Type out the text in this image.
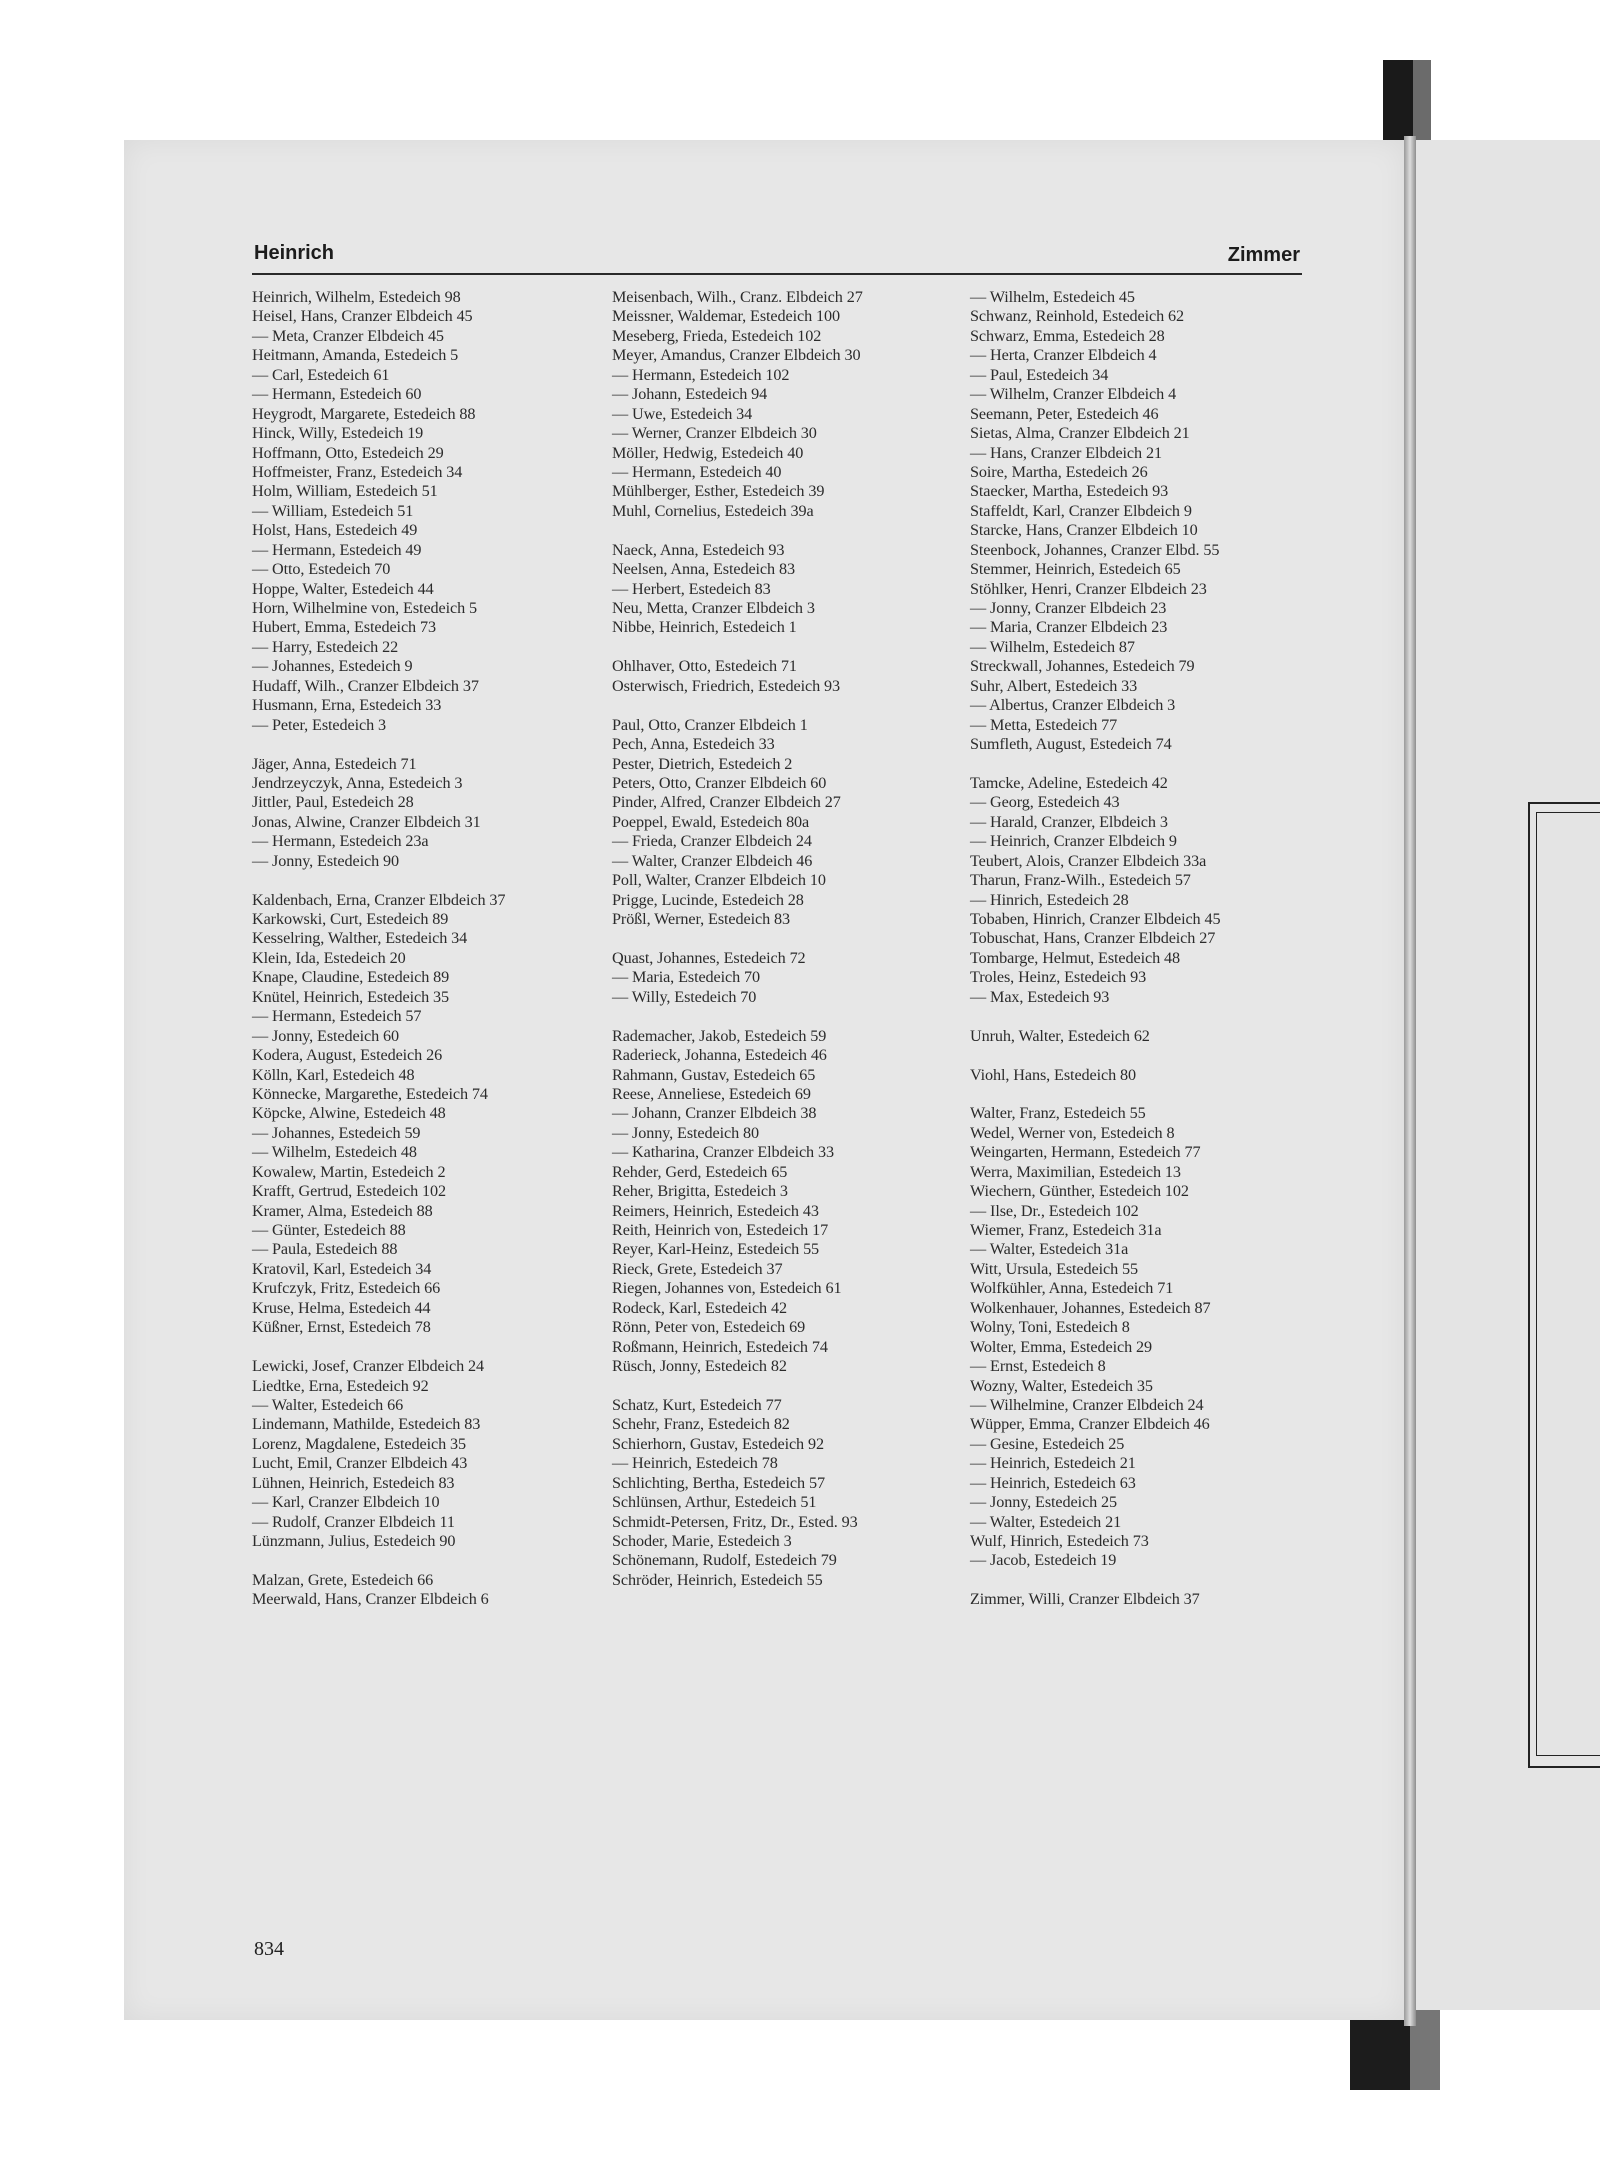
Heinrich	Zimmer
Heinrich, Wilhelm, Estedeich 98
Heisel, Hans, Cranzer Elbdeich 45
— Meta, Cranzer Elbdeich 45
Heitmann, Amanda, Estedeich 5
— Carl, Estedeich 61
— Hermann, Estedeich 60
Heygrodt, Margarete, Estedeich 88
Hinck, Willy, Estedeich 19
Hoffmann, Otto, Estedeich 29
Hoffmeister, Franz, Estedeich 34
Holm, William, Estedeich 51
— William, Estedeich 51
Holst, Hans, Estedeich 49
— Hermann, Estedeich 49
— Otto, Estedeich 70
Hoppe, Walter, Estedeich 44
Horn, Wilhelmine von, Estedeich 5
Hubert, Emma, Estedeich 73
— Harry, Estedeich 22
— Johannes, Estedeich 9
Hudaff, Wilh., Cranzer Elbdeich 37
Husmann, Erna, Estedeich 33
— Peter, Estedeich 3
Jäger, Anna, Estedeich 71
Jendrzeyczyk, Anna, Estedeich 3
Jittler, Paul, Estedeich 28
Jonas, Alwine, Cranzer Elbdeich 31
— Hermann, Estedeich 23a
— Jonny, Estedeich 90
Kaldenbach, Erna, Cranzer Elbdeich 37
Karkowski, Curt, Estedeich 89
Kesselring, Walther, Estedeich 34
Klein, Ida, Estedeich 20
Knape, Claudine, Estedeich 89
Knütel, Heinrich, Estedeich 35
— Hermann, Estedeich 57
— Jonny, Estedeich 60
Kodera, August, Estedeich 26
Kölln, Karl, Estedeich 48
Könnecke, Margarethe, Estedeich 74
Köpcke, Alwine, Estedeich 48
— Johannes, Estedeich 59
— Wilhelm, Estedeich 48
Kowalew, Martin, Estedeich 2
Krafft, Gertrud, Estedeich 102
Kramer, Alma, Estedeich 88
— Günter, Estedeich 88
— Paula, Estedeich 88
Kratovil, Karl, Estedeich 34
Krufczyk, Fritz, Estedeich 66
Kruse, Helma, Estedeich 44
Küßner, Ernst, Estedeich 78
Lewicki, Josef, Cranzer Elbdeich 24
Liedtke, Erna, Estedeich 92
— Walter, Estedeich 66
Lindemann, Mathilde, Estedeich 83
Lorenz, Magdalene, Estedeich 35
Lucht, Emil, Cranzer Elbdeich 43
Lühnen, Heinrich, Estedeich 83
— Karl, Cranzer Elbdeich 10
— Rudolf, Cranzer Elbdeich 11
Lünzmann, Julius, Estedeich 90
Malzan, Grete, Estedeich 66
Meerwald, Hans, Cranzer Elbdeich 6
Meisenbach, Wilh., Cranz. Elbdeich 27
Meissner, Waldemar, Estedeich 100
Meseberg, Frieda, Estedeich 102
Meyer, Amandus, Cranzer Elbdeich 30
— Hermann, Estedeich 102
— Johann, Estedeich 94
— Uwe, Estedeich 34
— Werner, Cranzer Elbdeich 30
Möller, Hedwig, Estedeich 40
— Hermann, Estedeich 40
Mühlberger, Esther, Estedeich 39
Muhl, Cornelius, Estedeich 39a
Naeck, Anna, Estedeich 93
Neelsen, Anna, Estedeich 83
— Herbert, Estedeich 83
Neu, Metta, Cranzer Elbdeich 3
Nibbe, Heinrich, Estedeich 1
Ohlhaver, Otto, Estedeich 71
Osterwisch, Friedrich, Estedeich 93
Paul, Otto, Cranzer Elbdeich 1
Pech, Anna, Estedeich 33
Pester, Dietrich, Estedeich 2
Peters, Otto, Cranzer Elbdeich 60
Pinder, Alfred, Cranzer Elbdeich 27
Poeppel, Ewald, Estedeich 80a
— Frieda, Cranzer Elbdeich 24
— Walter, Cranzer Elbdeich 46
Poll, Walter, Cranzer Elbdeich 10
Prigge, Lucinde, Estedeich 28
Prößl, Werner, Estedeich 83
Quast, Johannes, Estedeich 72
— Maria, Estedeich 70
— Willy, Estedeich 70
Rademacher, Jakob, Estedeich 59
Raderieck, Johanna, Estedeich 46
Rahmann, Gustav, Estedeich 65
Reese, Anneliese, Estedeich 69
— Johann, Cranzer Elbdeich 38
— Jonny, Estedeich 80
— Katharina, Cranzer Elbdeich 33
Rehder, Gerd, Estedeich 65
Reher, Brigitta, Estedeich 3
Reimers, Heinrich, Estedeich 43
Reith, Heinrich von, Estedeich 17
Reyer, Karl-Heinz, Estedeich 55
Rieck, Grete, Estedeich 37
Riegen, Johannes von, Estedeich 61
Rodeck, Karl, Estedeich 42
Rönn, Peter von, Estedeich 69
Roßmann, Heinrich, Estedeich 74
Rüsch, Jonny, Estedeich 82
Schatz, Kurt, Estedeich 77
Schehr, Franz, Estedeich 82
Schierhorn, Gustav, Estedeich 92
— Heinrich, Estedeich 78
Schlichting, Bertha, Estedeich 57
Schlünsen, Arthur, Estedeich 51
Schmidt-Petersen, Fritz, Dr., Ested. 93
Schoder, Marie, Estedeich 3
Schönemann, Rudolf, Estedeich 79
Schröder, Heinrich, Estedeich 55
— Wilhelm, Estedeich 45
Schwanz, Reinhold, Estedeich 62
Schwarz, Emma, Estedeich 28
— Herta, Cranzer Elbdeich 4
— Paul, Estedeich 34
— Wilhelm, Cranzer Elbdeich 4
Seemann, Peter, Estedeich 46
Sietas, Alma, Cranzer Elbdeich 21
— Hans, Cranzer Elbdeich 21
Soire, Martha, Estedeich 26
Staecker, Martha, Estedeich 93
Staffeldt, Karl, Cranzer Elbdeich 9
Starcke, Hans, Cranzer Elbdeich 10
Steenbock, Johannes, Cranzer Elbd. 55
Stemmer, Heinrich, Estedeich 65
Stöhlker, Henri, Cranzer Elbdeich 23
— Jonny, Cranzer Elbdeich 23
— Maria, Cranzer Elbdeich 23
— Wilhelm, Estedeich 87
Streckwall, Johannes, Estedeich 79
Suhr, Albert, Estedeich 33
— Albertus, Cranzer Elbdeich 3
— Metta, Estedeich 77
Sumfleth, August, Estedeich 74
Tamcke, Adeline, Estedeich 42
— Georg, Estedeich 43
— Harald, Cranzer, Elbdeich 3
— Heinrich, Cranzer Elbdeich 9
Teubert, Alois, Cranzer Elbdeich 33a
Tharun, Franz-Wilh., Estedeich 57
— Hinrich, Estedeich 28
Tobaben, Hinrich, Cranzer Elbdeich 45
Tobuschat, Hans, Cranzer Elbdeich 27
Tombarge, Helmut, Estedeich 48
Troles, Heinz, Estedeich 93
— Max, Estedeich 93
Unruh, Walter, Estedeich 62
Viohl, Hans, Estedeich 80
Walter, Franz, Estedeich 55
Wedel, Werner von, Estedeich 8
Weingarten, Hermann, Estedeich 77
Werra, Maximilian, Estedeich 13
Wiechern, Günther, Estedeich 102
— Ilse, Dr., Estedeich 102
Wiemer, Franz, Estedeich 31a
— Walter, Estedeich 31a
Witt, Ursula, Estedeich 55
Wolfkühler, Anna, Estedeich 71
Wolkenhauer, Johannes, Estedeich 87
Wolny, Toni, Estedeich 8
Wolter, Emma, Estedeich 29
— Ernst, Estedeich 8
Wozny, Walter, Estedeich 35
— Wilhelmine, Cranzer Elbdeich 24
Wüpper, Emma, Cranzer Elbdeich 46
— Gesine, Estedeich 25
— Heinrich, Estedeich 21
— Heinrich, Estedeich 63
— Jonny, Estedeich 25
— Walter, Estedeich 21
Wulf, Hinrich, Estedeich 73
— Jacob, Estedeich 19
Zimmer, Willi, Cranzer Elbdeich 37
834
